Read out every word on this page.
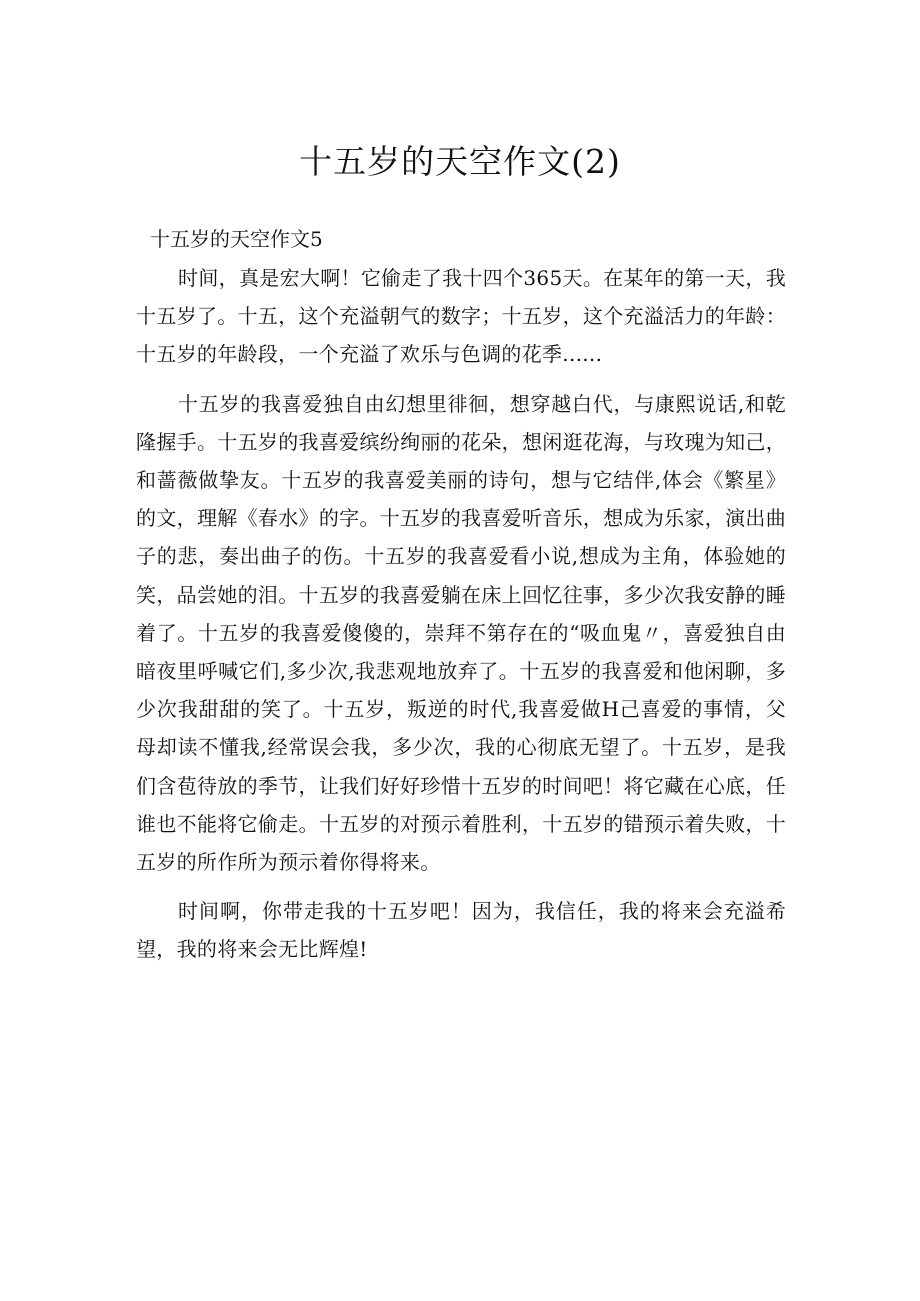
十五岁的天空作文(2)

十五岁的天空作文5

时间，真是宏大啊！它偷走了我十四个365天。在某年的第一天，我十五岁了。十五，这个充溢朝气的数字；十五岁，这个充溢活力的年龄：十五岁的年龄段，一个充溢了欢乐与色调的花季......

十五岁的我喜爱独自由幻想里徘徊，想穿越白代，与康熙说话,和乾隆握手。十五岁的我喜爱缤纷绚丽的花朵，想闲逛花海，与玫瑰为知己，和蔷薇做挚友。十五岁的我喜爱美丽的诗句，想与它结伴,体会《繁星》的文，理解《春水》的字。十五岁的我喜爱听音乐，想成为乐家，演出曲子的悲，奏出曲子的伤。十五岁的我喜爱看小说,想成为主角，体验她的笑，品尝她的泪。十五岁的我喜爱躺在床上回忆往事，多少次我安静的睡着了。十五岁的我喜爱傻傻的，崇拜不第存在的“吸血鬼〃，喜爱独自由暗夜里呼喊它们,多少次,我悲观地放弃了。十五岁的我喜爱和他闲聊，多少次我甜甜的笑了。十五岁，叛逆的时代,我喜爱做H己喜爱的事情，父母却读不懂我,经常误会我，多少次，我的心彻底无望了。十五岁，是我们含苞待放的季节，让我们好好珍惜十五岁的时间吧！将它藏在心底，任谁也不能将它偷走。十五岁的对预示着胜利，十五岁的错预示着失败，十五岁的所作所为预示着你得将来。

时间啊，你带走我的十五岁吧！因为，我信任，我的将来会充溢希望，我的将来会无比辉煌!
